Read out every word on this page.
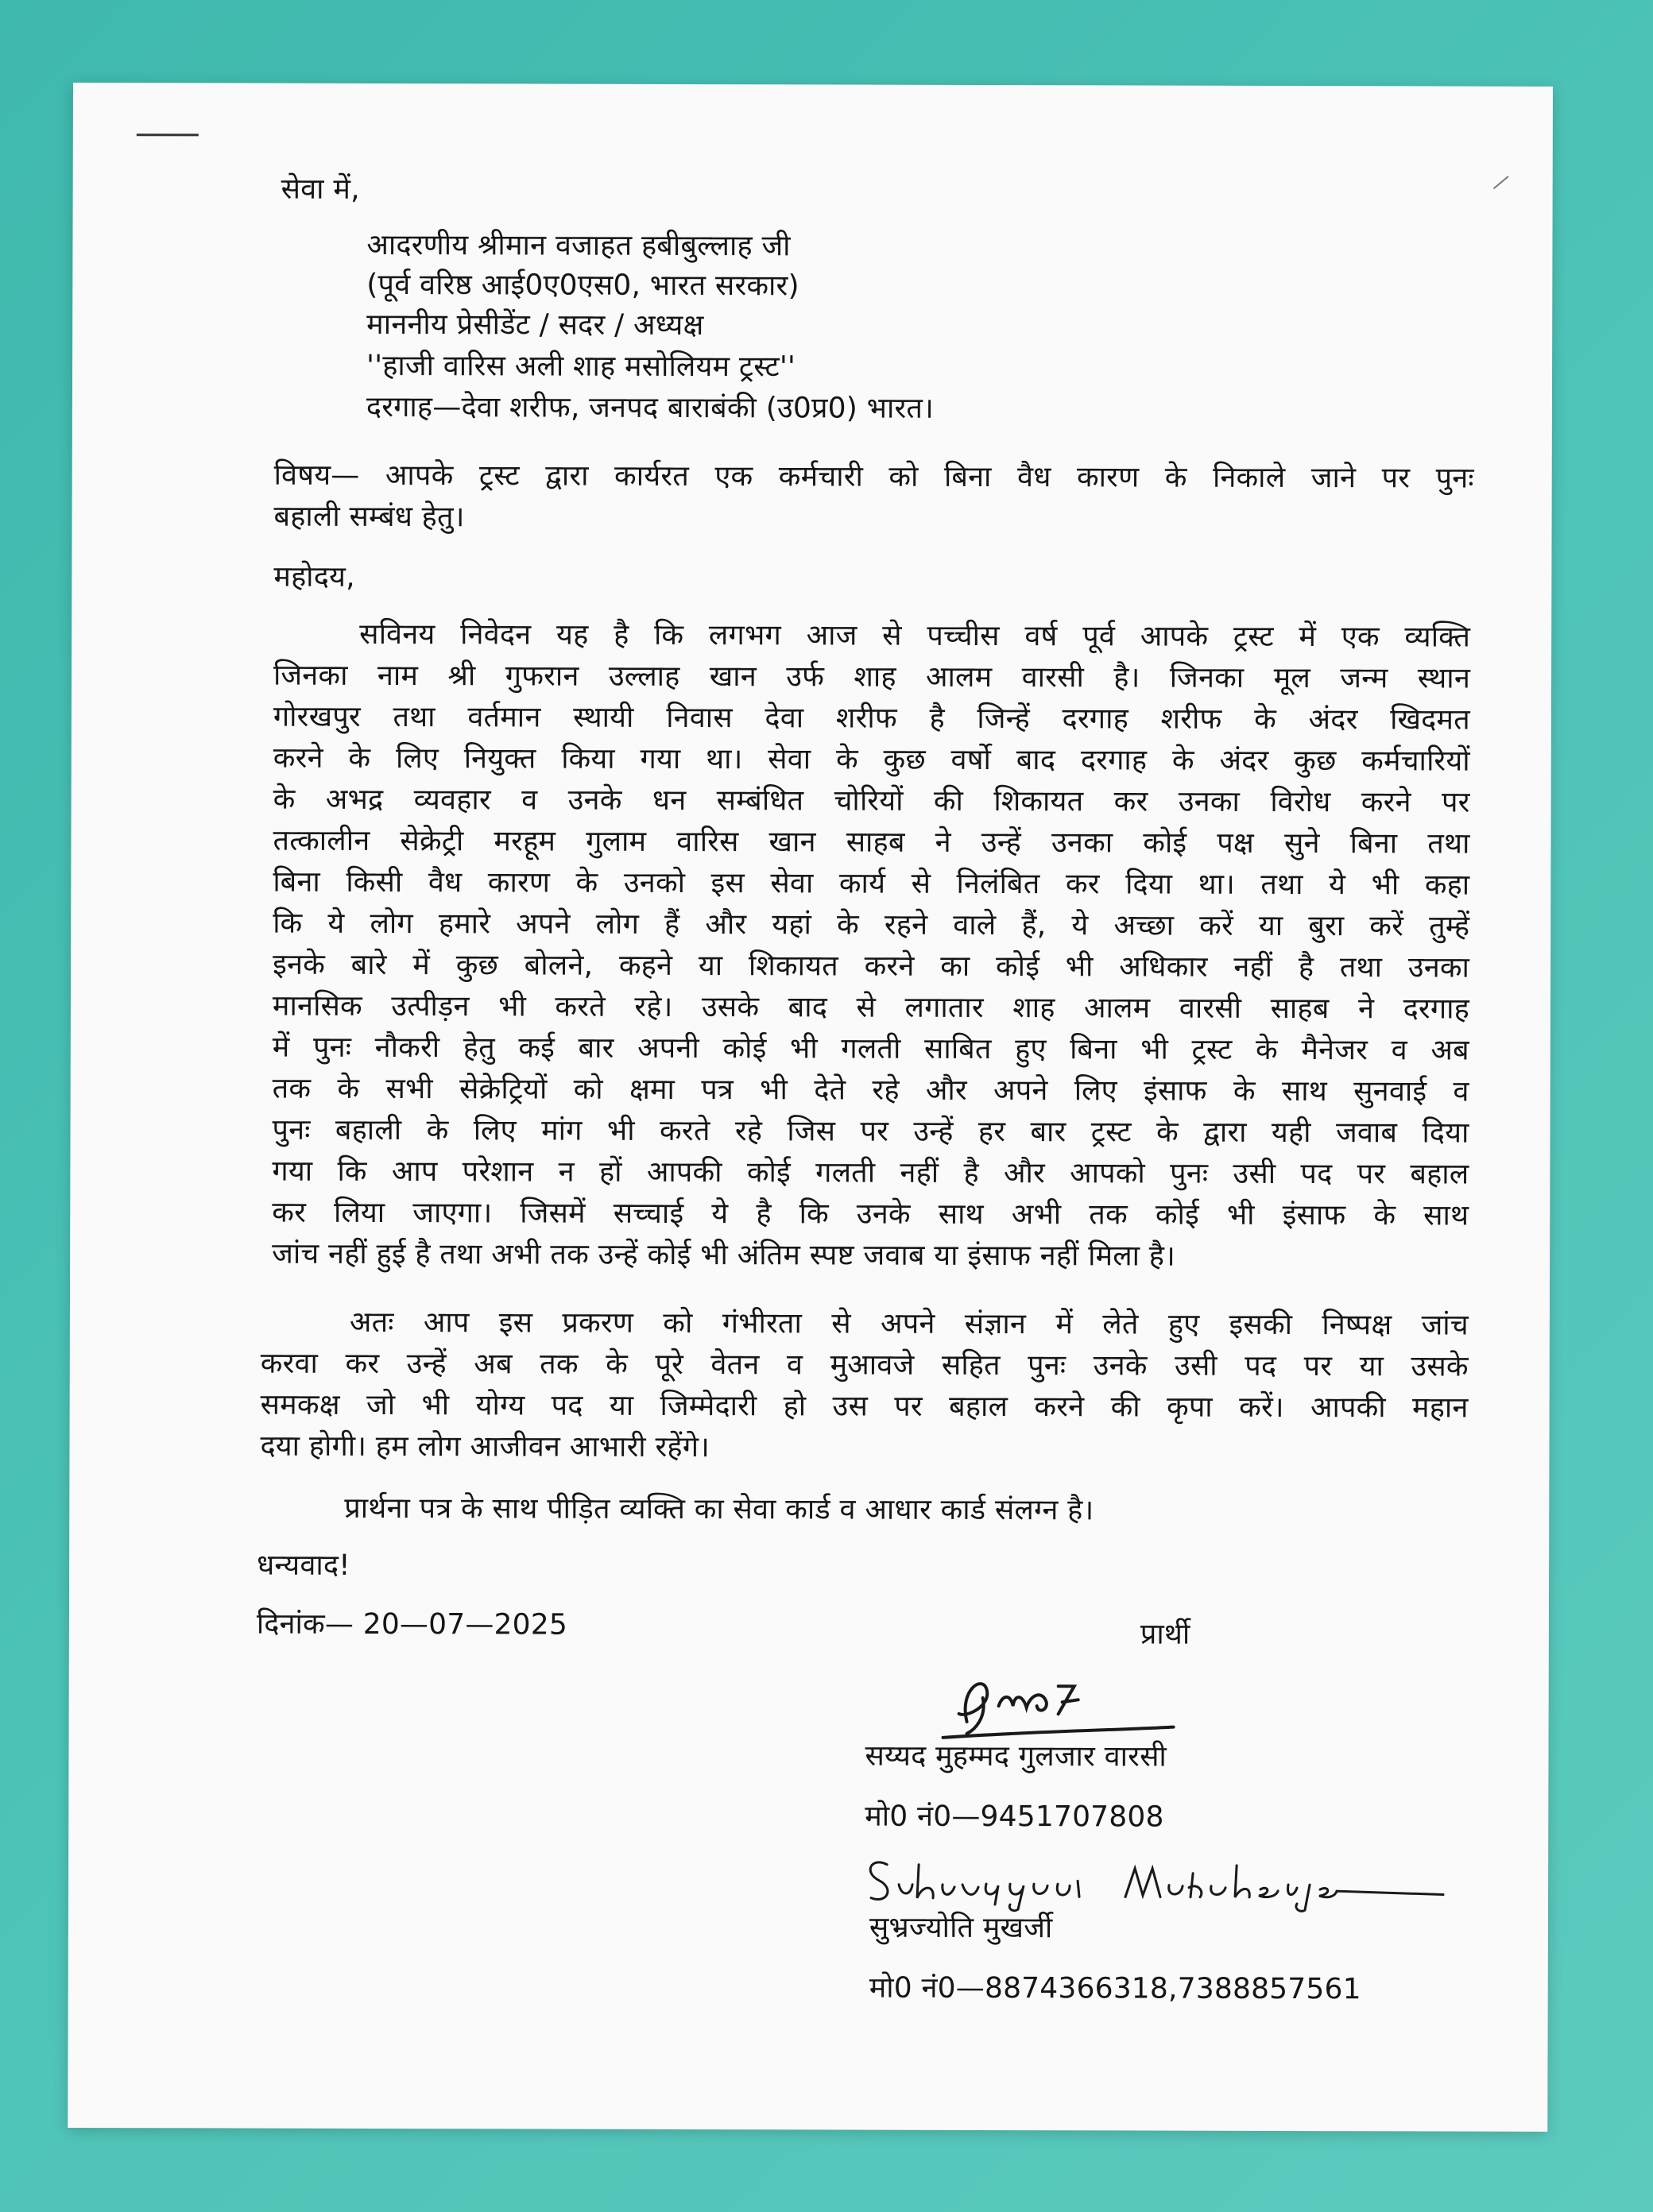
सेवा में,
आदरणीय श्रीमान वजाहत हबीबुल्लाह जी
(पूर्व वरिष्ठ आई0ए0एस0, भारत सरकार)
माननीय प्रेसीडेंट / सदर / अध्यक्ष
''हाजी वारिस अली शाह मसोलियम ट्रस्ट''
दरगाह—देवा शरीफ, जनपद बाराबंकी (उ0प्र0) भारत।
विषय— आपके ट्रस्ट द्वारा कार्यरत एक कर्मचारी को बिना वैध कारण के निकाले जाने पर पुनः
बहाली सम्बंध हेतु।
महोदय,
सविनय निवेदन यह है कि लगभग आज से पच्चीस वर्ष पूर्व आपके ट्रस्ट में एक व्यक्ति
जिनका नाम श्री गुफरान उल्लाह खान उर्फ शाह आलम वारसी है। जिनका मूल जन्म स्थान
गोरखपुर तथा वर्तमान स्थायी निवास देवा शरीफ है जिन्हें दरगाह शरीफ के अंदर खिदमत
करने के लिए नियुक्त किया गया था। सेवा के कुछ वर्षो बाद दरगाह के अंदर कुछ कर्मचारियों
के अभद्र व्यवहार व उनके धन सम्बंधित चोरियों की शिकायत कर उनका विरोध करने पर
तत्कालीन सेक्रेट्री मरहूम गुलाम वारिस खान साहब ने उन्हें उनका कोई पक्ष सुने बिना तथा
बिना किसी वैध कारण के उनको इस सेवा कार्य से निलंबित कर दिया था। तथा ये भी कहा
कि ये लोग हमारे अपने लोग हैं और यहां के रहने वाले हैं, ये अच्छा करें या बुरा करें तुम्हें
इनके बारे में कुछ बोलने, कहने या शिकायत करने का कोई भी अधिकार नहीं है तथा उनका
मानसिक उत्पीड़न भी करते रहे। उसके बाद से लगातार शाह आलम वारसी साहब ने दरगाह
में पुनः नौकरी हेतु कई बार अपनी कोई भी गलती साबित हुए बिना भी ट्रस्ट के मैनेजर व अब
तक के सभी सेक्रेट्रियों को क्षमा पत्र भी देते रहे और अपने लिए इंसाफ के साथ सुनवाई व
पुनः बहाली के लिए मांग भी करते रहे जिस पर उन्हें हर बार ट्रस्ट के द्वारा यही जवाब दिया
गया कि आप परेशान न हों आपकी कोई गलती नहीं है और आपको पुनः उसी पद पर बहाल
कर लिया जाएगा। जिसमें सच्चाई ये है कि उनके साथ अभी तक कोई भी इंसाफ के साथ
जांच नहीं हुई है तथा अभी तक उन्हें कोई भी अंतिम स्पष्ट जवाब या इंसाफ नहीं मिला है।
अतः आप इस प्रकरण को गंभीरता से अपने संज्ञान में लेते हुए इसकी निष्पक्ष जांच
करवा कर उन्हें अब तक के पूरे वेतन व मुआवजे सहित पुनः उनके उसी पद पर या उसके
समकक्ष जो भी योग्य पद या जिम्मेदारी हो उस पर बहाल करने की कृपा करें। आपकी महान
दया होगी। हम लोग आजीवन आभारी रहेंगे।
प्रार्थना पत्र के साथ पीड़ित व्यक्ति का सेवा कार्ड व आधार कार्ड संलग्न है।
धन्यवाद!
दिनांक— 20—07—2025	प्रार्थी
सय्यद मुहम्मद गुलजार वारसी
मो0 नं0—9451707808
सुभ्रज्योति मुखर्जी
मो0 नं0—8874366318,7388857561
